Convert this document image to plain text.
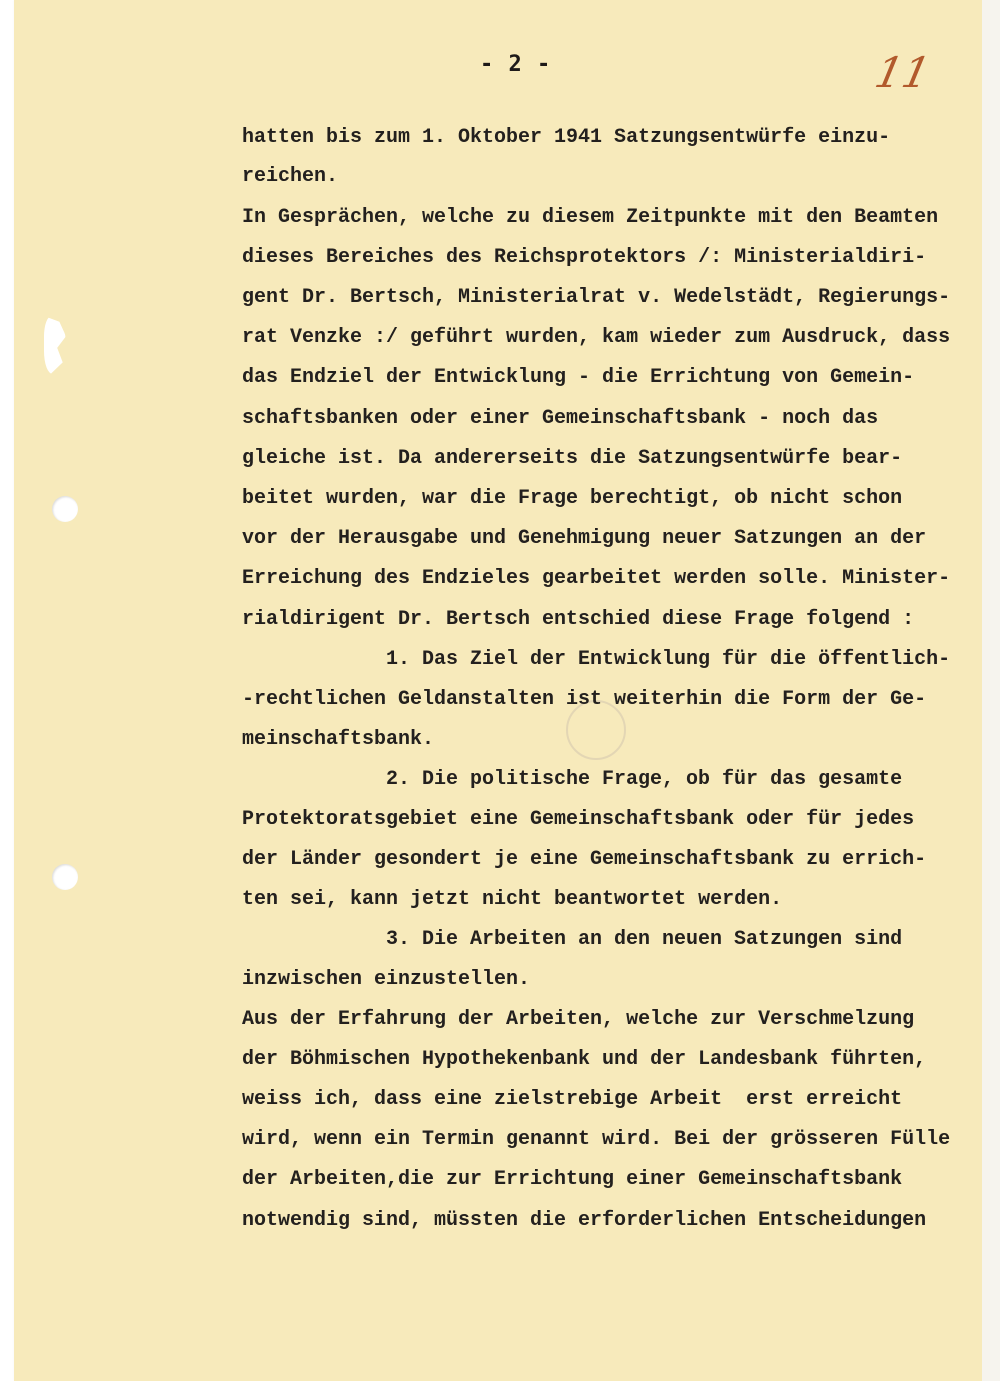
- 2 -	11
hatten bis zum 1. Oktober 1941 Satzungsentwürfe einzu-
reichen.
In Gesprächen, welche zu diesem Zeitpunkte mit den Beamten
dieses Bereiches des Reichsprotektors /: Ministerialdiri-
gent Dr. Bertsch, Ministerialrat v. Wedelstädt, Regierungs-
rat Venzke :/ geführt wurden, kam wieder zum Ausdruck, dass
das Endziel der Entwicklung - die Errichtung von Gemein-
schaftsbanken oder einer Gemeinschaftsbank - noch das
gleiche ist. Da andererseits die Satzungsentwürfe bear-
beitet wurden, war die Frage berechtigt, ob nicht schon
vor der Herausgabe und Genehmigung neuer Satzungen an der
Erreichung des Endzieles gearbeitet werden solle. Minister-
rialdirigent Dr. Bertsch entschied diese Frage folgend :
1. Das Ziel der Entwicklung für die öffentlich-
-rechtlichen Geldanstalten ist weiterhin die Form der Ge-
meinschaftsbank.
2. Die politische Frage, ob für das gesamte
Protektoratsgebiet eine Gemeinschaftsbank oder für jedes
der Länder gesondert je eine Gemeinschaftsbank zu errich-
ten sei, kann jetzt nicht beantwortet werden.
3. Die Arbeiten an den neuen Satzungen sind
inzwischen einzustellen.
Aus der Erfahrung der Arbeiten, welche zur Verschmelzung
der Böhmischen Hypothekenbank und der Landesbank führten,
weiss ich, dass eine zielstrebige Arbeit  erst erreicht
wird, wenn ein Termin genannt wird. Bei der grösseren Fülle
der Arbeiten,die zur Errichtung einer Gemeinschaftsbank
notwendig sind, müssten die erforderlichen Entscheidungen
